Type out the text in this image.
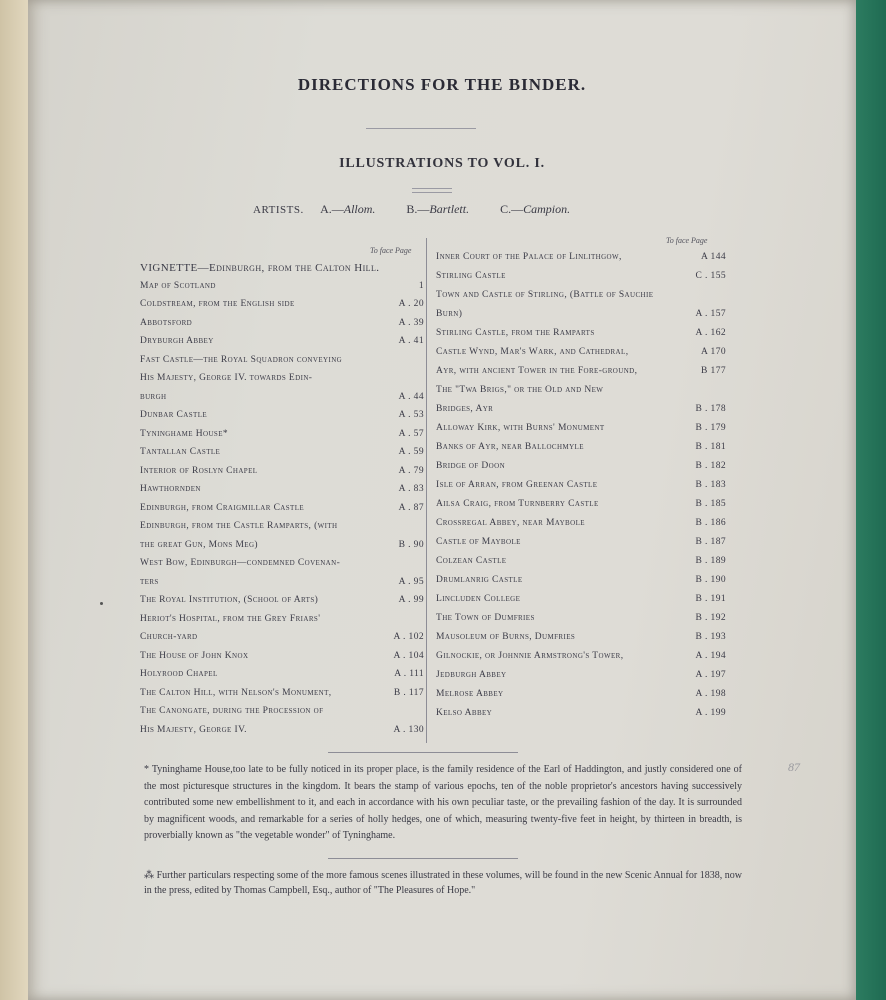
DIRECTIONS FOR THE BINDER.
ILLUSTRATIONS TO VOL. I.
ARTISTS. A.—Allom.	B.—Bartlett.	C.—Campion.
To face Page
VIGNETTE—Edinburgh, from the Calton Hill.
Map of Scotland	1
Coldstream, from the English side	A . 20
Abbotsford	A . 39
Dryburgh Abbey	A . 41
Fast Castle—the Royal Squadron conveying
His Majesty, George IV. towards Edin-
burgh	A . 44
Dunbar Castle	A . 53
Tyninghame House*	A . 57
Tantallan Castle	A . 59
Interior of Roslyn Chapel	A . 79
Hawthornden	A . 83
Edinburgh, from Craigmillar Castle	A . 87
Edinburgh, from the Castle Ramparts, (with
the great Gun, Mons Meg)	B . 90
West Bow, Edinburgh—condemned Covenan-
ters	A . 95
The Royal Institution, (School of Arts)	A . 99
Heriot's Hospital, from the Grey Friars'
Church-yard	A . 102
The House of John Knox	A . 104
Holyrood Chapel	A . 111
The Calton Hill, with Nelson's Monument,	B . 117
The Canongate, during the Procession of
His Majesty, George IV.	A . 130
To face Page
Inner Court of the Palace of Linlithgow,	A 144
Stirling Castle	C . 155
Town and Castle of Stirling, (Battle of Sauchie
Burn)	A . 157
Stirling Castle, from the Ramparts	A . 162
Castle Wynd, Mar's Wark, and Cathedral,	A 170
Ayr, with ancient Tower in the Fore-ground,	B 177
The "Twa Brigs," or the Old and New
Bridges, Ayr	B . 178
Alloway Kirk, with Burns' Monument	B . 179
Banks of Ayr, near Ballochmyle	B . 181
Bridge of Doon	B . 182
Isle of Arran, from Greenan Castle	B . 183
Ailsa Craig, from Turnberry Castle	B . 185
Crossregal Abbey, near Maybole	B . 186
Castle of Maybole	B . 187
Colzean Castle	B . 189
Drumlanrig Castle	B . 190
Lincluden College	B . 191
The Town of Dumfries	B . 192
Mausoleum of Burns, Dumfries	B . 193
Gilnockie, or Johnnie Armstrong's Tower,	A . 194
Jedburgh Abbey	A . 197
Melrose Abbey	A . 198
Kelso Abbey	A . 199
* Tyninghame House,too late to be fully noticed in its proper place, is the family residence of the Earl of Haddington, and justly considered one of the most picturesque structures in the kingdom. It bears the stamp of various epochs, ten of the noble proprietor's ancestors having successively contributed some new embellishment to it, and each in accordance with his own peculiar taste, or the prevailing fashion of the day. It is surrounded by magnificent woods, and remarkable for a series of holly hedges, one of which, measuring twenty-five feet in height, by thirteen in breadth, is proverbially known as "the vegetable wonder" of Tyninghame.
⁂ Further particulars respecting some of the more famous scenes illustrated in these volumes, will be found in the new Scenic Annual for 1838, now in the press, edited by Thomas Campbell, Esq., author of "The Pleasures of Hope."
87
